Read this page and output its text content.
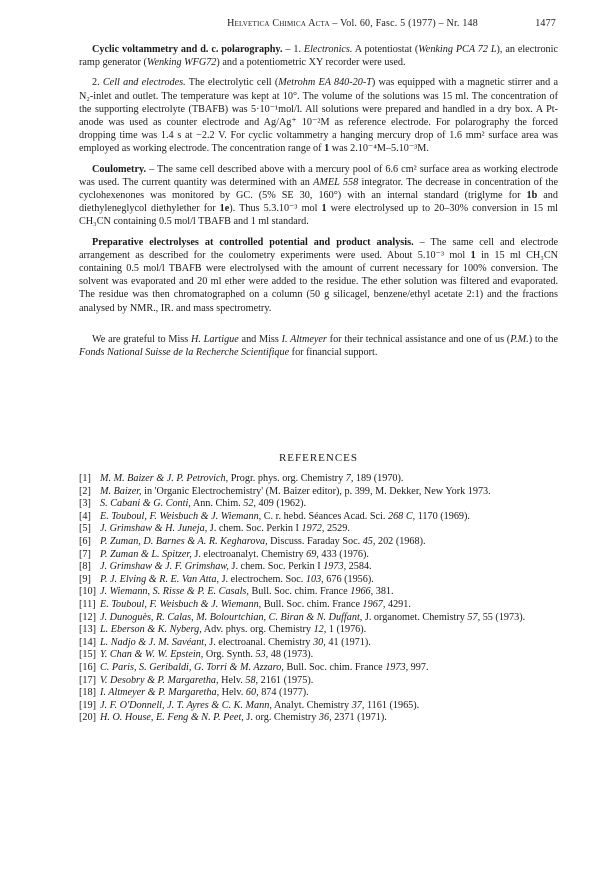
Helvetica Chimica Acta – Vol. 60, Fasc. 5 (1977) – Nr. 148	1477

Cyclic voltammetry and d. c. polarography. – 1. Electronics. A potentiostat (Wenking PCA 72 L), an electronic ramp generator (Wenking WFG72) and a potentiometric XY recorder were used.

2. Cell and electrodes. The electrolytic cell (Metrohm EA 840-20-T) was equipped with a magnetic stirrer and a N₂-inlet and outlet. The temperature was kept at 10°. The volume of the solutions was 15 ml. The concentration of the supporting electrolyte (TBAFB) was 5·10⁻¹mol/l. All solutions were prepared and handled in a dry box. A Pt-anode was used as counter electrode and Ag/Ag⁺ 10⁻²M as reference electrode. For polarography the forced dropping time was 1.4 s at −2.2 V. For cyclic voltammetry a hanging mercury drop of 1.6 mm² surface area was employed as working electrode. The concentration range of 1 was 2.10⁻⁴M–5.10⁻³M.

Coulometry. – The same cell described above with a mercury pool of 6.6 cm² surface area as working electrode was used. The current quantity was determined with an AMEL 558 integrator. The decrease in concentration of the cyclohexenones was monitored by GC. (5% SE 30, 160°) with an internal standard (triglyme for 1b and diethyleneglycol diethylether for 1e). Thus 5.3.10⁻³ mol 1 were electrolysed up to 20–30% conversion in 15 ml CH₃CN containing 0.5 mol/l TBAFB and 1 ml standard.

Preparative electrolyses at controlled potential and product analysis. – The same cell and electrode arrangement as described for the coulometry experiments were used. About 5.10⁻³ mol 1 in 15 ml CH₃CN containing 0.5 mol/l TBAFB were electrolysed with the amount of current necessary for 100% conversion. The solvent was evaporated and 20 ml ether were added to the residue. The ether solution was filtered and evaporated. The residue was then chromatographed on a column (50 g silicagel, benzene/ethyl acetate 2:1) and the fractions analysed by NMR., IR. and mass spectrometry.

We are grateful to Miss H. Lartigue and Miss I. Altmeyer for their technical assistance and one of us (P.M.) to the Fonds National Suisse de la Recherche Scientifique for financial support.

REFERENCES
[1] M. M. Baizer & J. P. Petrovich, Progr. phys. org. Chemistry 7, 189 (1970).
[2] M. Baizer, in 'Organic Electrochemistry' (M. Baizer editor), p. 399, M. Dekker, New York 1973.
[3] S. Cabani & G. Conti, Ann. Chim. 52, 409 (1962).
[4] E. Touboul, F. Weisbuch & J. Wiemann, C. r. hebd. Séances Acad. Sci. 268 C, 1170 (1969).
[5] J. Grimshaw & H. Juneja, J. chem. Soc. Perkin I 1972, 2529.
[6] P. Zuman, D. Barnes & A. R. Kegharova, Discuss. Faraday Soc. 45, 202 (1968).
[7] P. Zuman & L. Spitzer, J. electroanalyt. Chemistry 69, 433 (1976).
[8] J. Grimshaw & J. F. Grimshaw, J. chem. Soc. Perkin I 1973, 2584.
[9] P. J. Elving & R. E. Van Atta, J. electrochem. Soc. 103, 676 (1956).
[10] J. Wiemann, S. Risse & P. E. Casals, Bull. Soc. chim. France 1966, 381.
[11] E. Touboul, F. Weisbuch & J. Wiemann, Bull. Soc. chim. France 1967, 4291.
[12] J. Dunoguès, R. Calas, M. Bolourtchian, C. Biran & N. Duffant, J. organomet. Chemistry 57, 55 (1973).
[13] L. Eberson & K. Nyberg, Adv. phys. org. Chemistry 12, 1 (1976).
[14] L. Nadjo & J. M. Savéant, J. electroanal. Chemistry 30, 41 (1971).
[15] Y. Chan & W. W. Epstein, Org. Synth. 53, 48 (1973).
[16] C. Paris, S. Geribaldi, G. Torri & M. Azzaro, Bull. Soc. chim. France 1973, 997.
[17] V. Desobry & P. Margaretha, Helv. 58, 2161 (1975).
[18] I. Altmeyer & P. Margaretha, Helv. 60, 874 (1977).
[19] J. F. O'Donnell, J. T. Ayres & C. K. Mann, Analyt. Chemistry 37, 1161 (1965).
[20] H. O. House, E. Feng & N. P. Peet, J. org. Chemistry 36, 2371 (1971).
